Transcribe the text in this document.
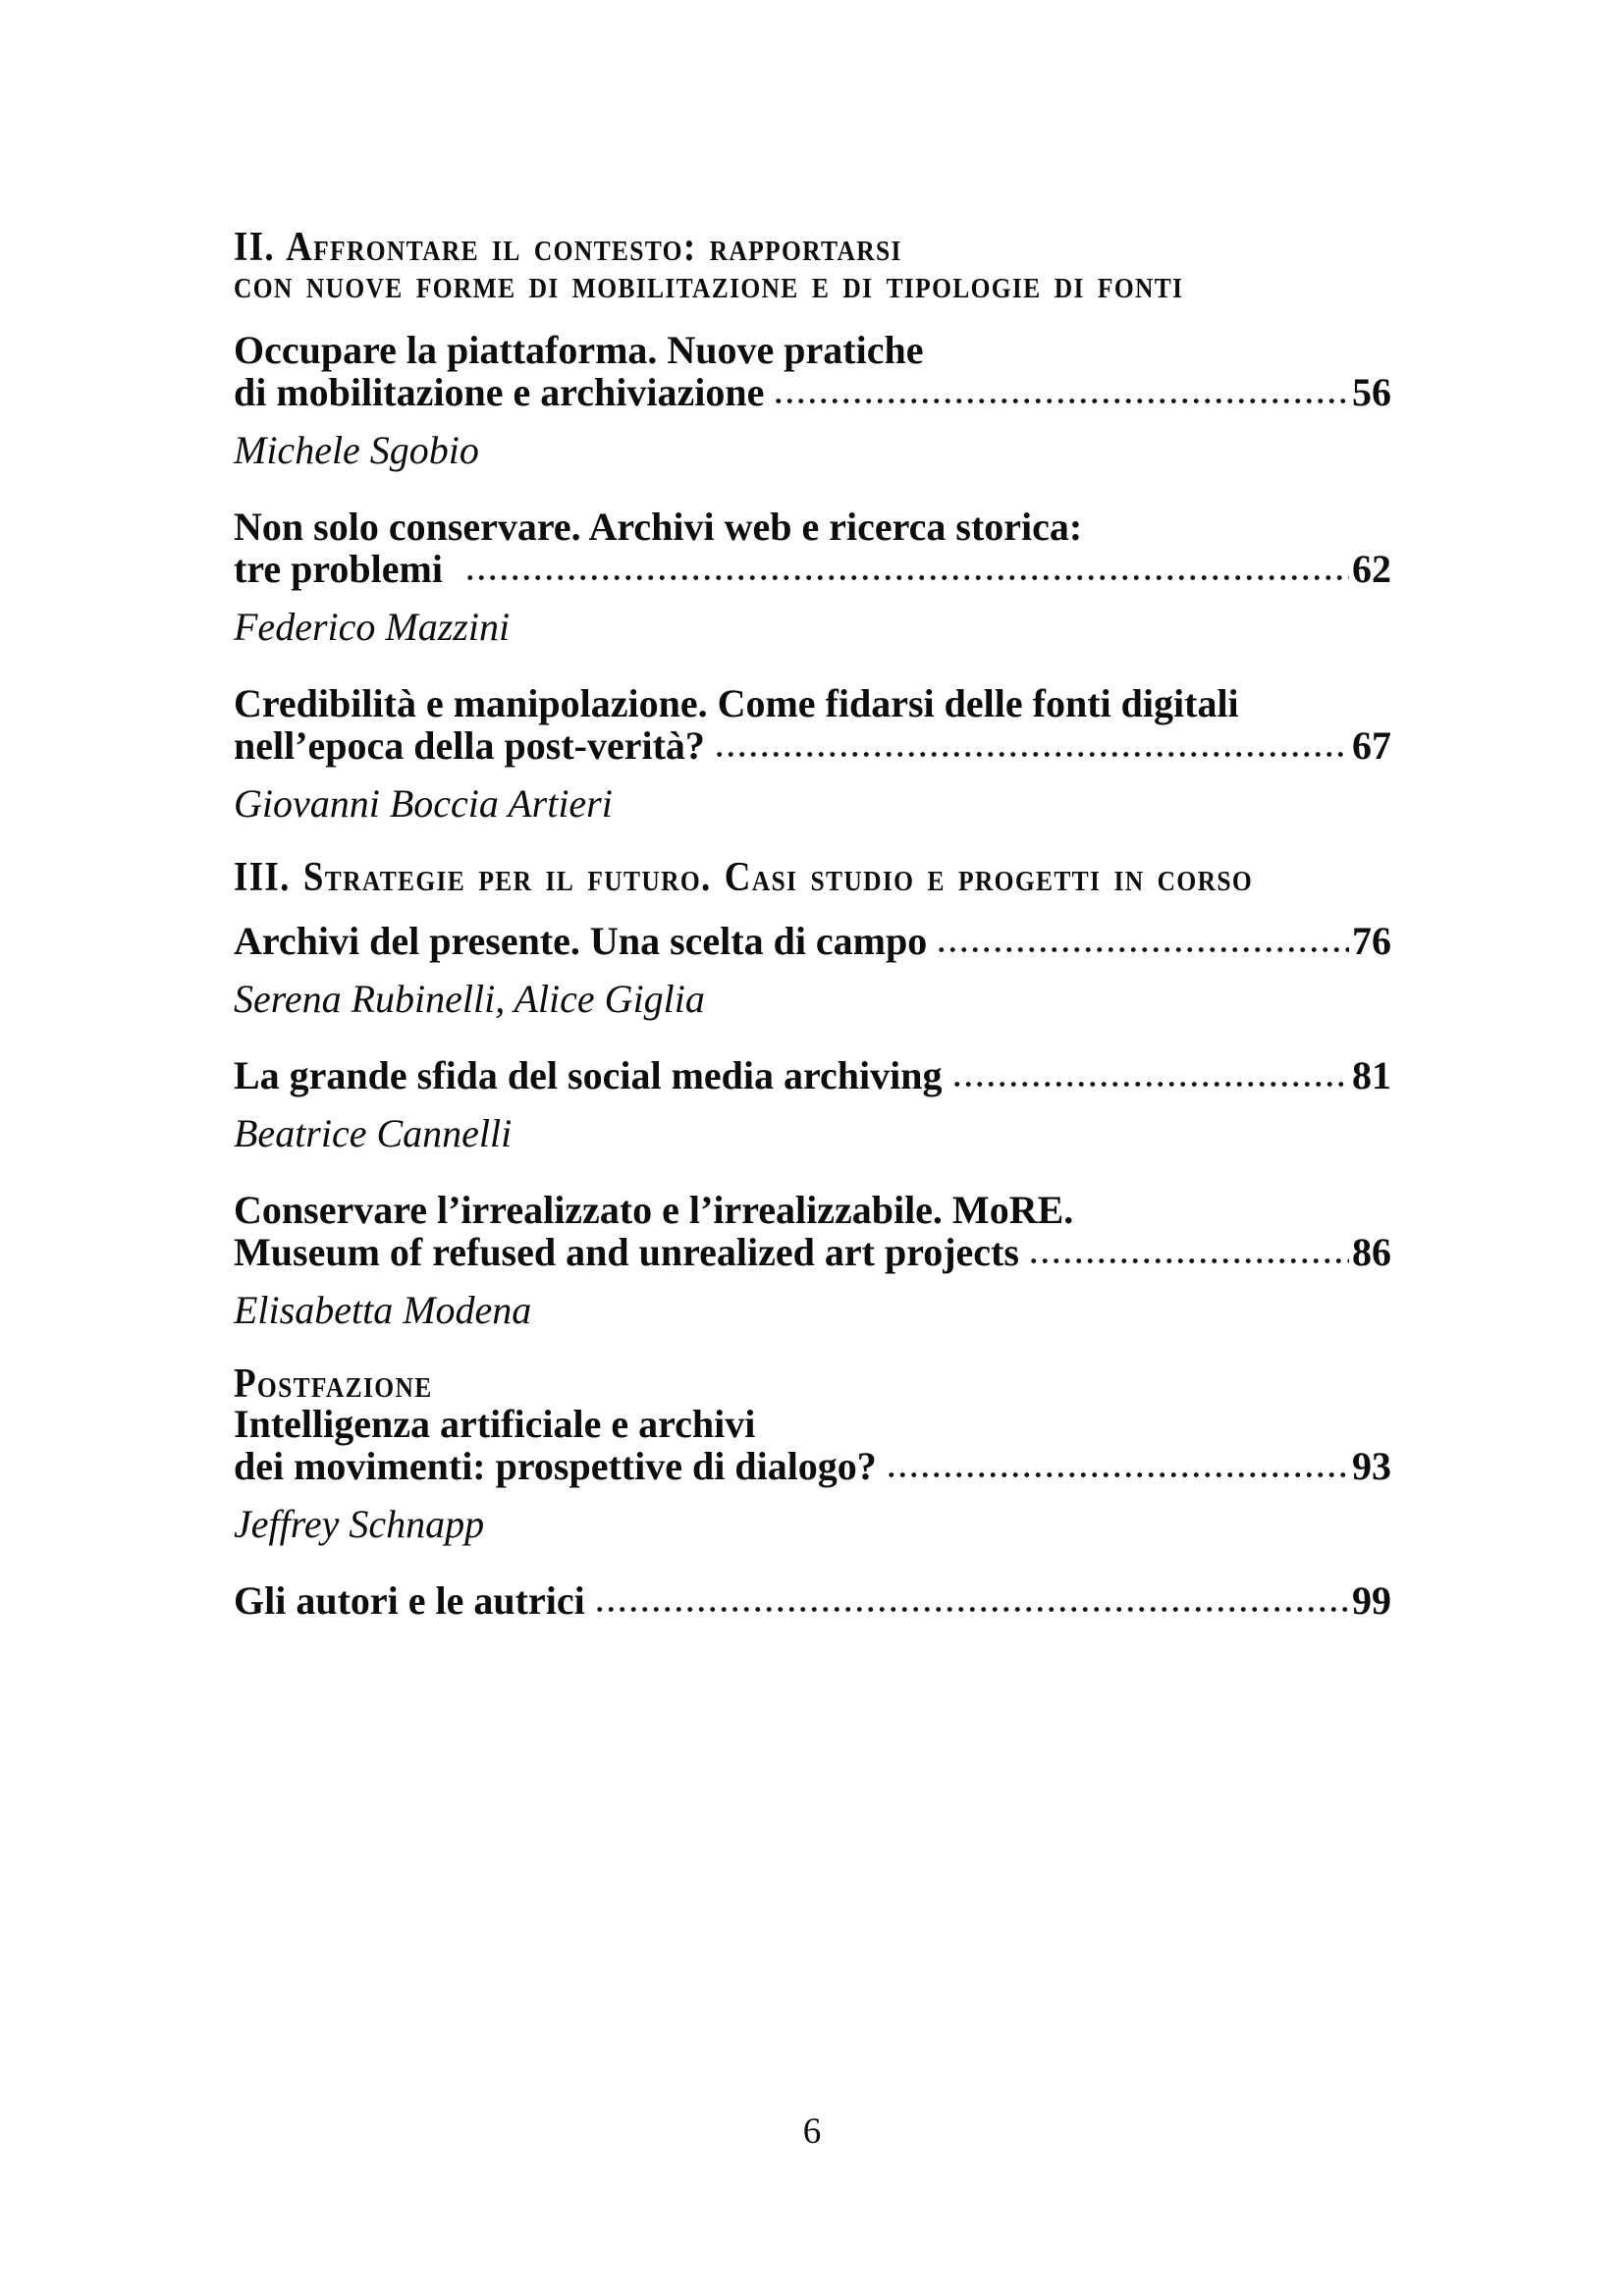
II. Affrontare il contesto: rapportarsi
con nuove forme di mobilitazione e di tipologie di fonti
Occupare la piattaforma. Nuove pratiche
di mobilitazione e archiviazione	56
Michele Sgobio
Non solo conservare. Archivi web e ricerca storica:
tre problemi	62
Federico Mazzini
Credibilità e manipolazione. Come fidarsi delle fonti digitali
nell’epoca della post-verità?	67
Giovanni Boccia Artieri
III. Strategie per il futuro. Casi studio e progetti in corso
Archivi del presente. Una scelta di campo	76
Serena Rubinelli, Alice Giglia
La grande sfida del social media archiving	81
Beatrice Cannelli
Conservare l’irrealizzato e l’irrealizzabile. MoRE.
Museum of refused and unrealized art projects	86
Elisabetta Modena
Postfazione
Intelligenza artificiale e archivi
dei movimenti: prospettive di dialogo?	93
Jeffrey Schnapp
Gli autori e le autrici	99
6
